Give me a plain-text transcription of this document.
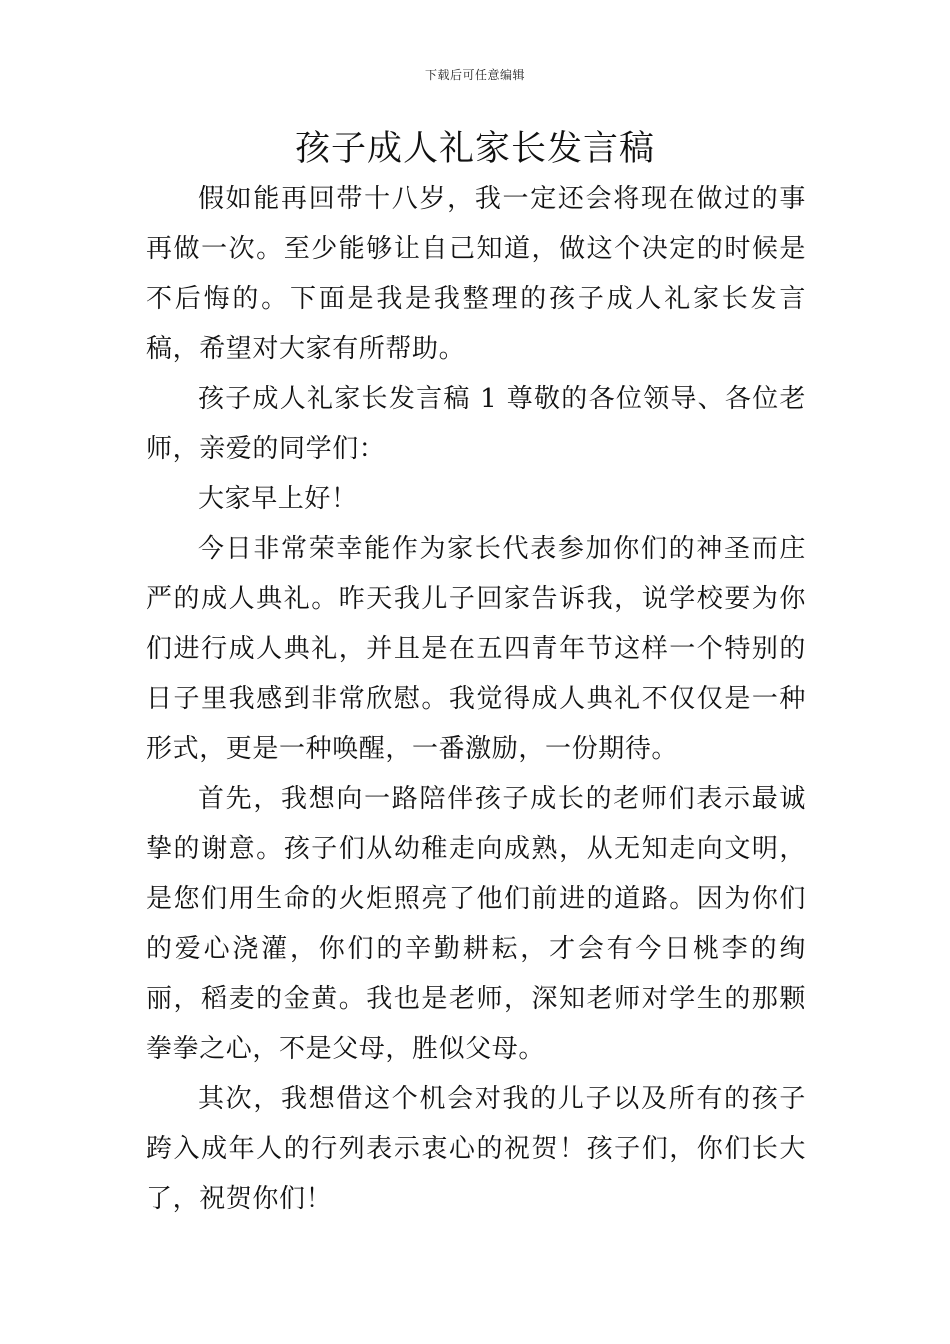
下载后可任意编辑
孩子成人礼家长发言稿

假如能再回带十八岁，我一定还会将现在做过的事再做一次。至少能够让自己知道，做这个决定的时候是不后悔的。下面是我是我整理的孩子成人礼家长发言稿，希望对大家有所帮助。

孩子成人礼家长发言稿 1 尊敬的各位领导、各位老师，亲爱的同学们：

大家早上好！

今日非常荣幸能作为家长代表参加你们的神圣而庄严的成人典礼。昨天我儿子回家告诉我，说学校要为你们进行成人典礼，并且是在五四青年节这样一个特别的日子里我感到非常欣慰。我觉得成人典礼不仅仅是一种形式，更是一种唤醒，一番激励，一份期待。

首先，我想向一路陪伴孩子成长的老师们表示最诚挚的谢意。孩子们从幼稚走向成熟，从无知走向文明，是您们用生命的火炬照亮了他们前进的道路。因为你们的爱心浇灌，你们的辛勤耕耘，才会有今日桃李的绚丽，稻麦的金黄。我也是老师，深知老师对学生的那颗拳拳之心，不是父母，胜似父母。

其次，我想借这个机会对我的儿子以及所有的孩子跨入成年人的行列表示衷心的祝贺！孩子们，你们长大了，祝贺你们！
